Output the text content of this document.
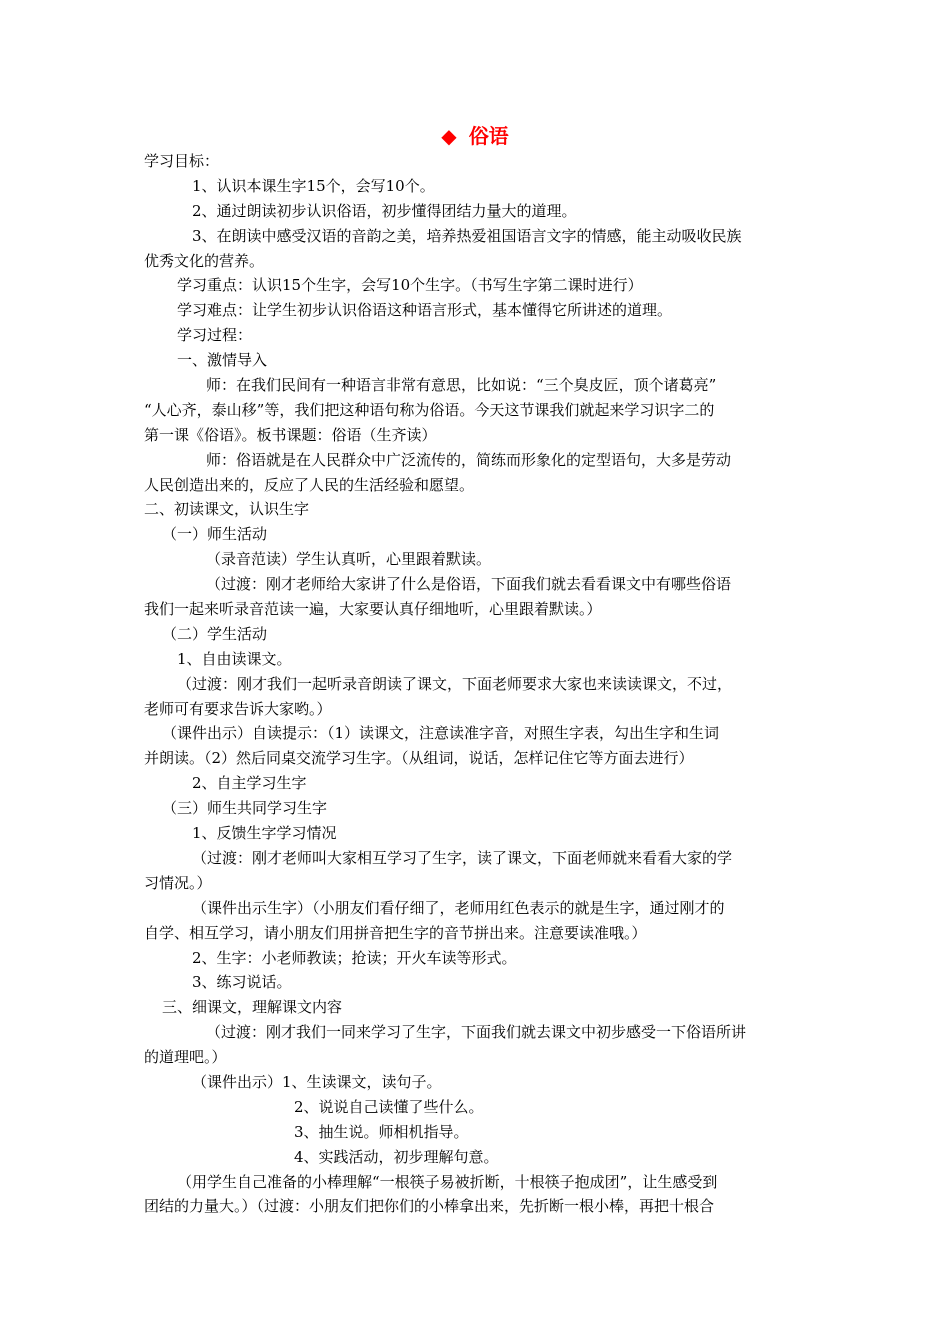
◆ 俗语
学习目标：
1、认识本课生字15个，会写10个。
2、通过朗读初步认识俗语，初步懂得团结力量大的道理。
3、在朗读中感受汉语的音韵之美，培养热爱祖国语言文字的情感，能主动吸收民族
优秀文化的营养。
学习重点：认识15个生字，会写10个生字。（书写生字第二课时进行）
学习难点：让学生初步认识俗语这种语言形式，基本懂得它所讲述的道理。
学习过程：
一、激情导入
师：在我们民间有一种语言非常有意思，比如说：“三个臭皮匠，顶个诸葛亮”
“人心齐，泰山移”等，我们把这种语句称为俗语。今天这节课我们就起来学习识字二的
第一课《俗语》。板书课题：俗语（生齐读）
师：俗语就是在人民群众中广泛流传的，简练而形象化的定型语句，大多是劳动
人民创造出来的，反应了人民的生活经验和愿望。
二、初读课文，认识生字
（一）师生活动
（录音范读）学生认真听，心里跟着默读。
（过渡：刚才老师给大家讲了什么是俗语，下面我们就去看看课文中有哪些俗语
我们一起来听录音范读一遍，大家要认真仔细地听，心里跟着默读。）
（二）学生活动
1、自由读课文。
（过渡：刚才我们一起听录音朗读了课文，下面老师要求大家也来读读课文，不过，
老师可有要求告诉大家哟。）
（课件出示）自读提示：（1）读课文，注意读准字音，对照生字表，勾出生字和生词
并朗读。（2）然后同桌交流学习生字。（从组词，说话，怎样记住它等方面去进行）
2、自主学习生字
（三）师生共同学习生字
1、反馈生字学习情况
（过渡：刚才老师叫大家相互学习了生字，读了课文，下面老师就来看看大家的学
习情况。）
（课件出示生字）（小朋友们看仔细了，老师用红色表示的就是生字，通过刚才的
自学、相互学习，请小朋友们用拼音把生字的音节拼出来。注意要读准哦。）
2、生字：小老师教读；抢读；开火车读等形式。
3、练习说话。
三、细课文，理解课文内容
（过渡：刚才我们一同来学习了生字，下面我们就去课文中初步感受一下俗语所讲
的道理吧。）
（课件出示）1、生读课文，读句子。
2、说说自己读懂了些什么。
3、抽生说。师相机指导。
4、实践活动，初步理解句意。
（用学生自己准备的小棒理解“一根筷子易被折断，十根筷子抱成团”，让生感受到
团结的力量大。）（过渡：小朋友们把你们的小棒拿出来，先折断一根小棒，再把十根合
